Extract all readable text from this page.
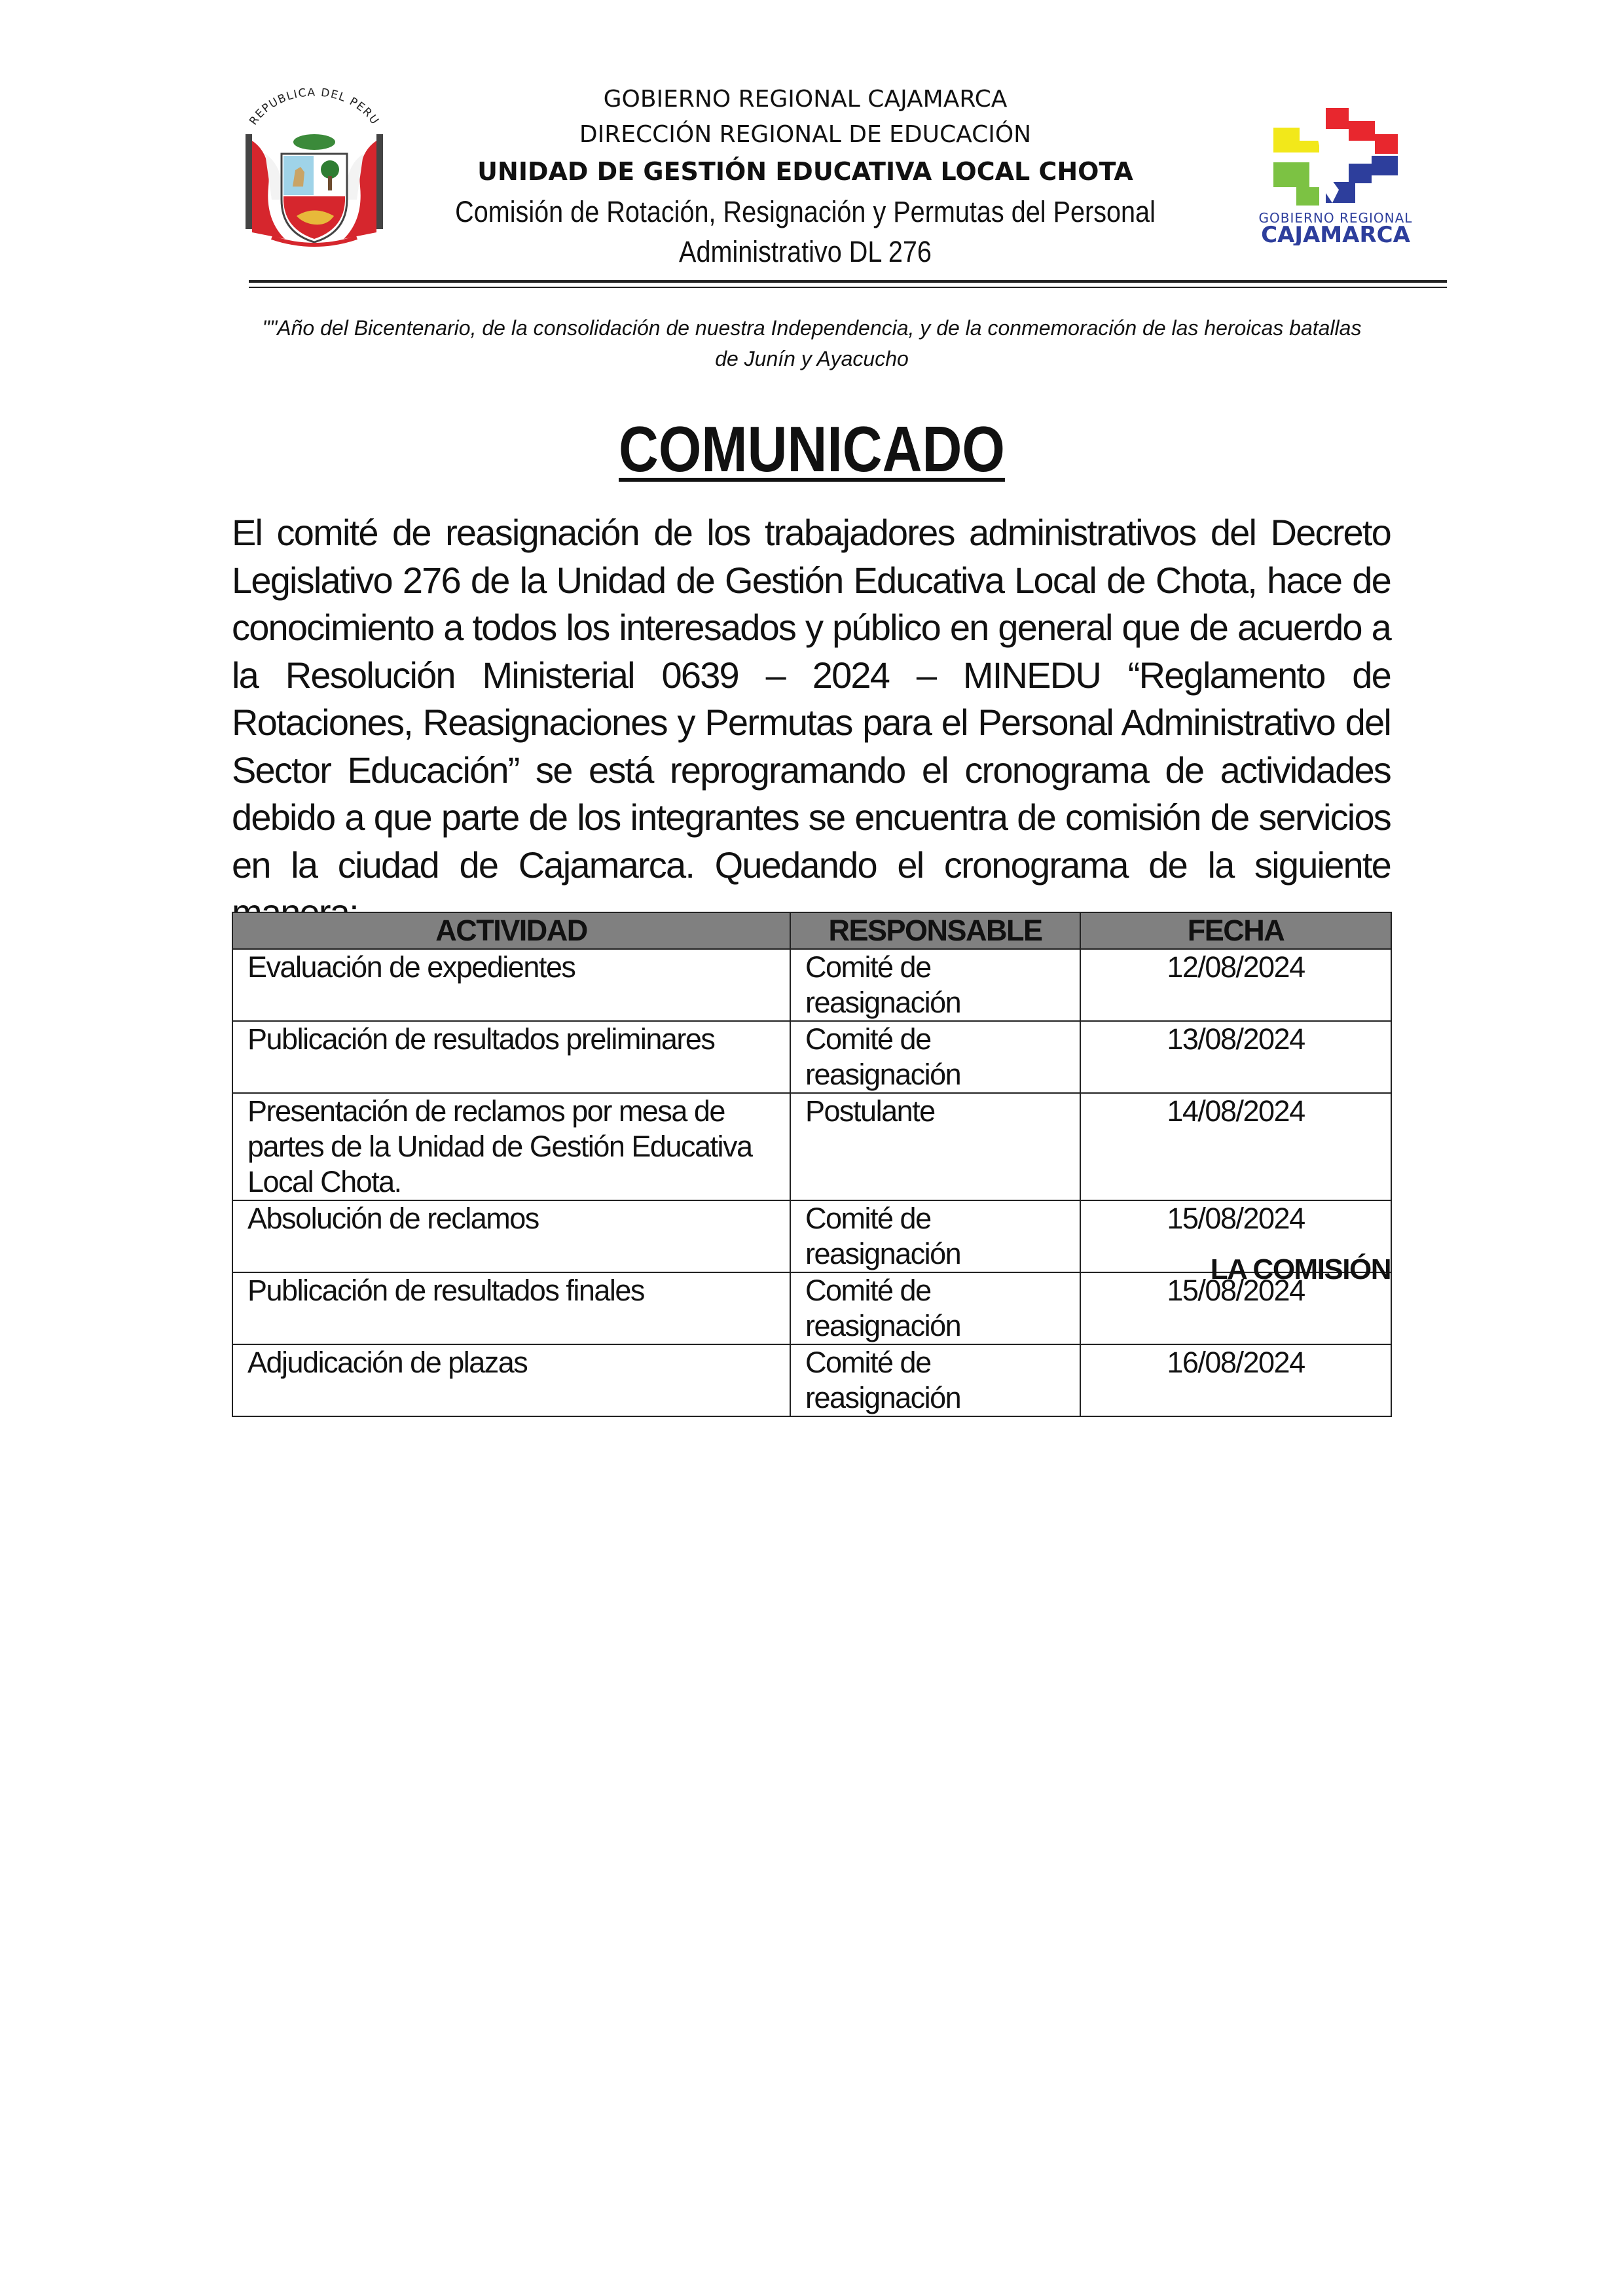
REPUBLICA DEL PERU
GOBIERNO REGIONAL
CAJAMARCA
GOBIERNO REGIONAL CAJAMARCA
DIRECCIÓN REGIONAL DE EDUCACIÓN
UNIDAD DE GESTIÓN EDUCATIVA LOCAL CHOTA
Comisión de Rotación, Resignación y Permutas del Personal
Administrativo DL 276
""Año del Bicentenario, de la consolidación de nuestra Independencia, y de la conmemoración de las heroicas batallas de Junín y Ayacucho
COMUNICADO
El comité de reasignación de los trabajadores administrativos del Decreto Legislativo 276 de la Unidad de Gestión Educativa Local de Chota, hace de conocimiento a todos los interesados y público en general que de acuerdo a la Resolución Ministerial 0639 – 2024 – MINEDU “Reglamento de Rotaciones, Reasignaciones y Permutas para el Personal Administrativo del Sector Educación” se está reprogramando el cronograma de actividades debido a que parte de los integrantes se encuentra de comisión de servicios en la ciudad de Cajamarca. Quedando el cronograma de la siguiente
ACTIVIDAD	RESPONSABLE	FECHA
Evaluación de expedientes	Comité de reasignación	12/08/2024
Publicación de resultados preliminares	Comité de reasignación	13/08/2024
Presentación de reclamos por mesa de partes de la Unidad de Gestión Educativa Local Chota.	Postulante	14/08/2024
Absolución de reclamos	Comité de reasignación	15/08/2024
Publicación de resultados finales	Comité de reasignación	15/08/2024
Adjudicación de plazas	Comité de reasignación	16/08/2024
LA COMISIÓN
